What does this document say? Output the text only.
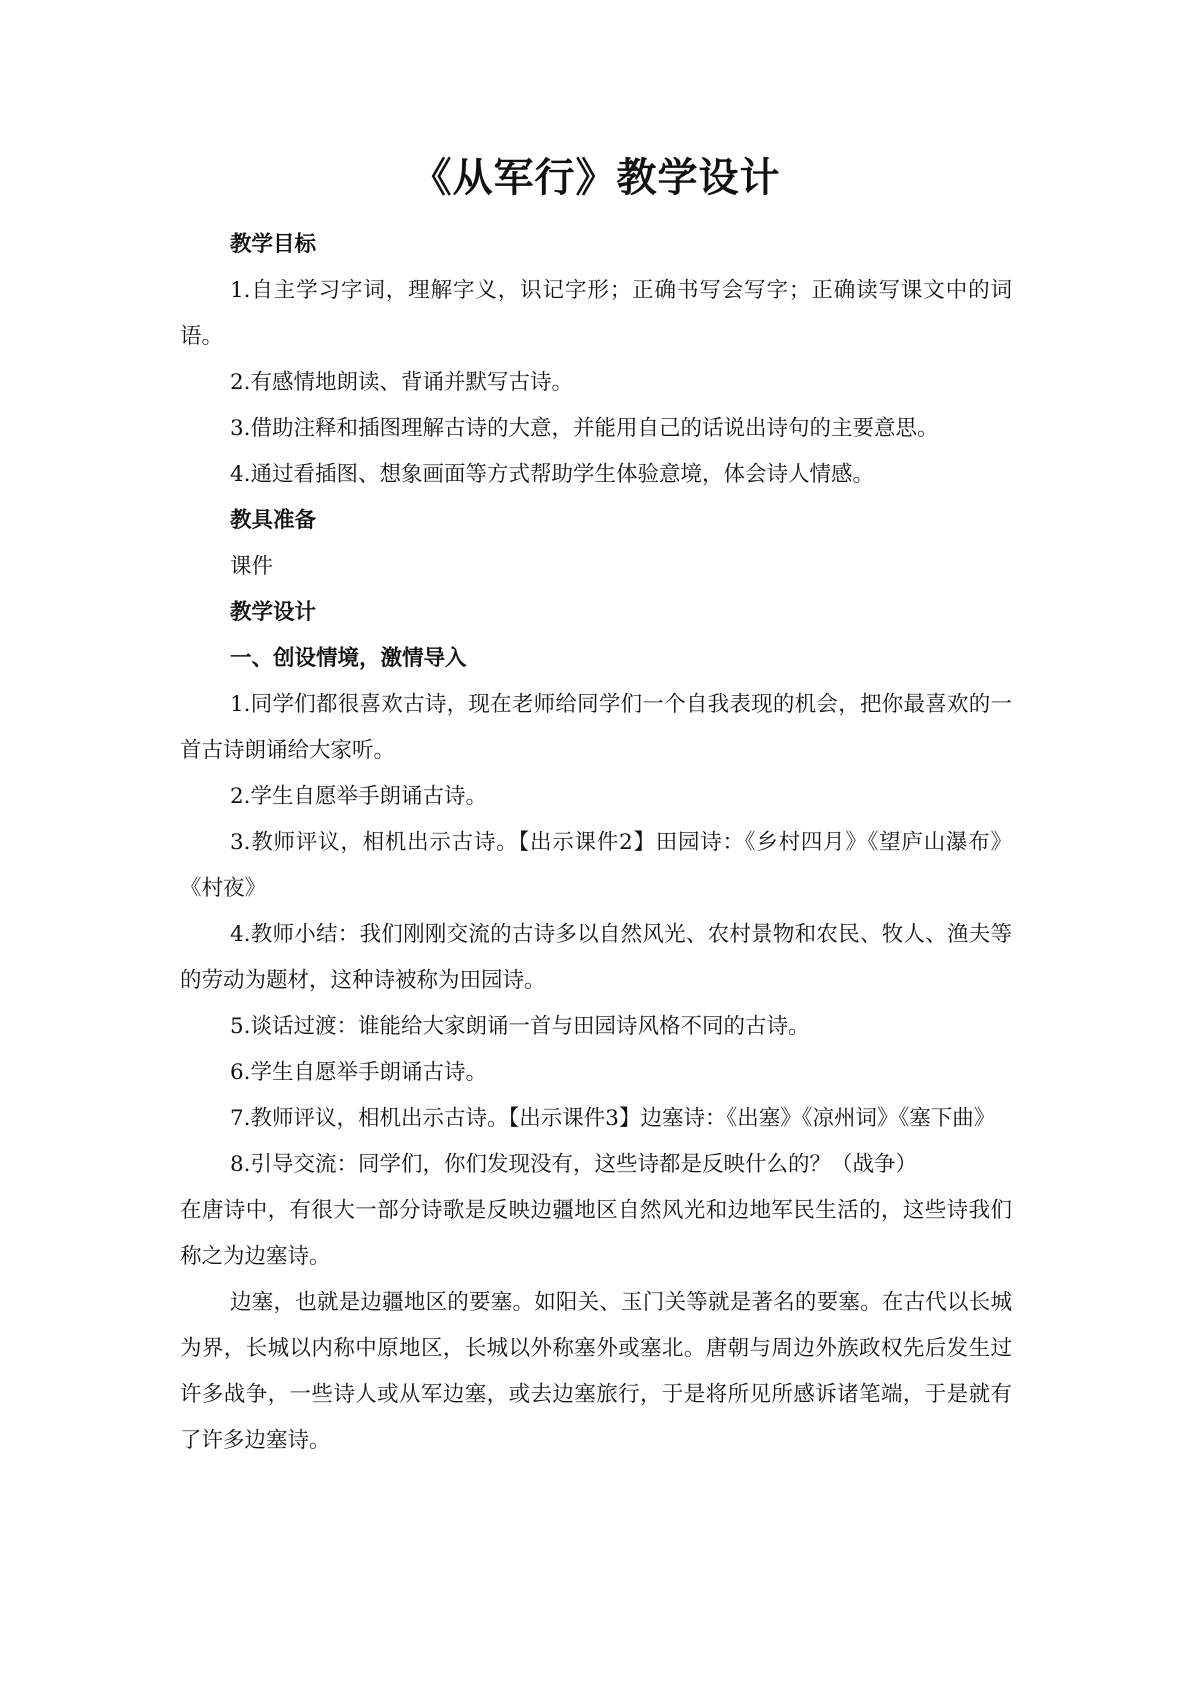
《从军行》教学设计

教学目标

1.自主学习字词，理解字义，识记字形；正确书写会写字；正确读写课文中的词语。

2.有感情地朗读、背诵并默写古诗。

3.借助注释和插图理解古诗的大意，并能用自己的话说出诗句的主要意思。

4.通过看插图、想象画面等方式帮助学生体验意境，体会诗人情感。

教具准备

课件

教学设计

一、创设情境，激情导入

1.同学们都很喜欢古诗，现在老师给同学们一个自我表现的机会，把你最喜欢的一首古诗朗诵给大家听。

2.学生自愿举手朗诵古诗。

3.教师评议，相机出示古诗。【出示课件2】田园诗：《乡村四月》《望庐山瀑布》《村夜》

4.教师小结：我们刚刚交流的古诗多以自然风光、农村景物和农民、牧人、渔夫等的劳动为题材，这种诗被称为田园诗。

5.谈话过渡：谁能给大家朗诵一首与田园诗风格不同的古诗。

6.学生自愿举手朗诵古诗。

7.教师评议，相机出示古诗。【出示课件3】边塞诗：《出塞》《凉州词》《塞下曲》

8.引导交流：同学们，你们发现没有，这些诗都是反映什么的？（战争）

在唐诗中，有很大一部分诗歌是反映边疆地区自然风光和边地军民生活的，这些诗我们称之为边塞诗。

边塞，也就是边疆地区的要塞。如阳关、玉门关等就是著名的要塞。在古代以长城为界，长城以内称中原地区，长城以外称塞外或塞北。唐朝与周边外族政权先后发生过许多战争，一些诗人或从军边塞，或去边塞旅行，于是将所见所感诉诸笔端，于是就有了许多边塞诗。
